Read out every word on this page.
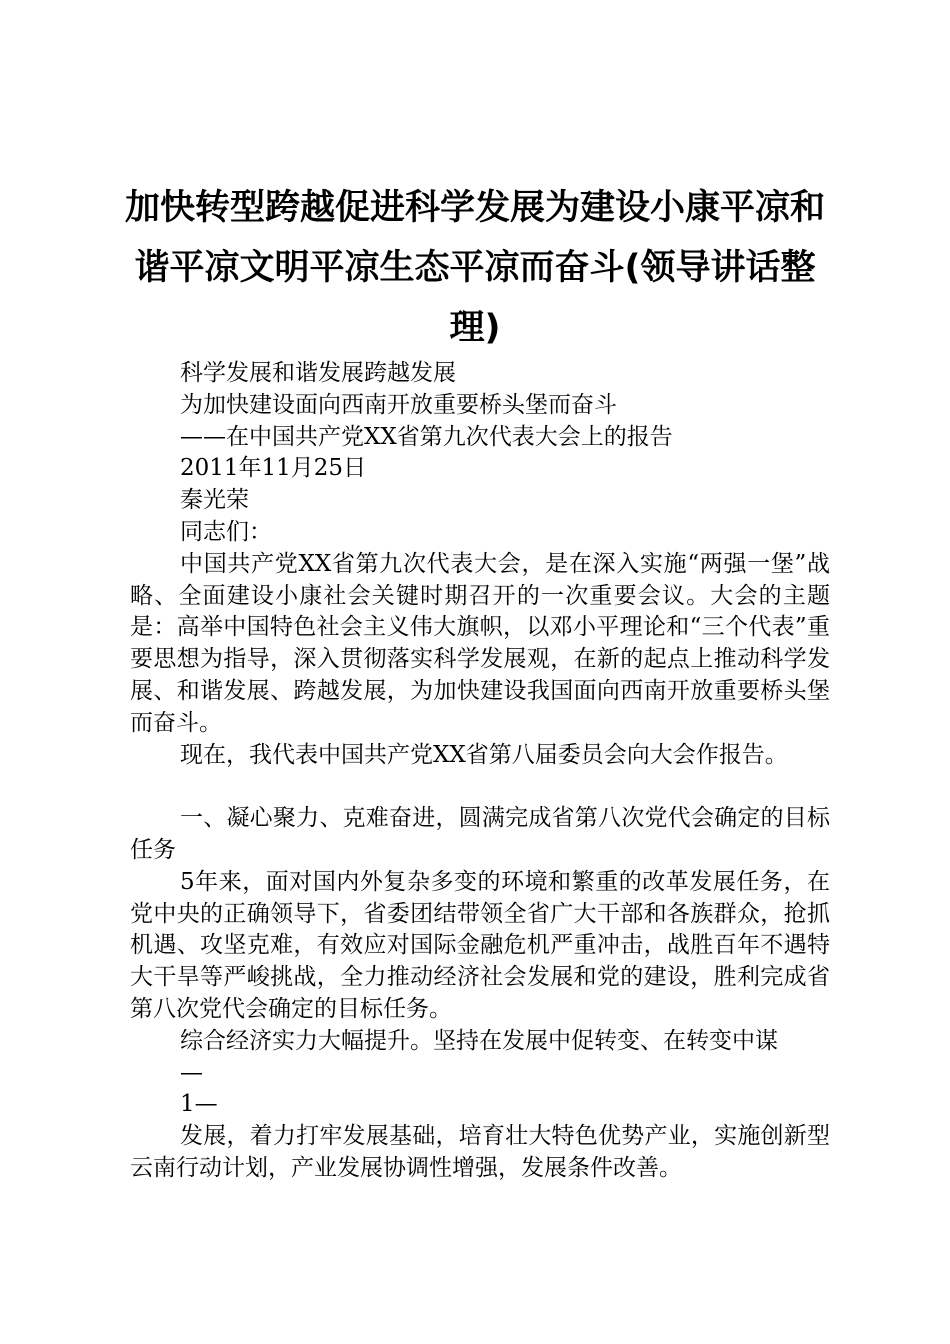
加快转型跨越促进科学发展为建设小康平凉和
谐平凉文明平凉生态平凉而奋斗(领导讲话整
理)

科学发展和谐发展跨越发展

为加快建设面向西南开放重要桥头堡而奋斗

——在中国共产党XX省第九次代表大会上的报告

2011年11月25日

秦光荣

同志们：

中国共产党XX省第九次代表大会，是在深入实施“两强一堡”战略、全面建设小康社会关键时期召开的一次重要会议。大会的主题是：高举中国特色社会主义伟大旗帜，以邓小平理论和“三个代表”重要思想为指导，深入贯彻落实科学发展观，在新的起点上推动科学发展、和谐发展、跨越发展，为加快建设我国面向西南开放重要桥头堡而奋斗。

现在，我代表中国共产党XX省第八届委员会向大会作报告。

一、凝心聚力、克难奋进，圆满完成省第八次党代会确定的目标任务

5年来，面对国内外复杂多变的环境和繁重的改革发展任务，在党中央的正确领导下，省委团结带领全省广大干部和各族群众，抢抓机遇、攻坚克难，有效应对国际金融危机严重冲击，战胜百年不遇特大干旱等严峻挑战，全力推动经济社会发展和党的建设，胜利完成省第八次党代会确定的目标任务。

综合经济实力大幅提升。坚持在发展中促转变、在转变中谋

—

1—

发展，着力打牢发展基础，培育壮大特色优势产业，实施创新型云南行动计划，产业发展协调性增强，发展条件改善。
